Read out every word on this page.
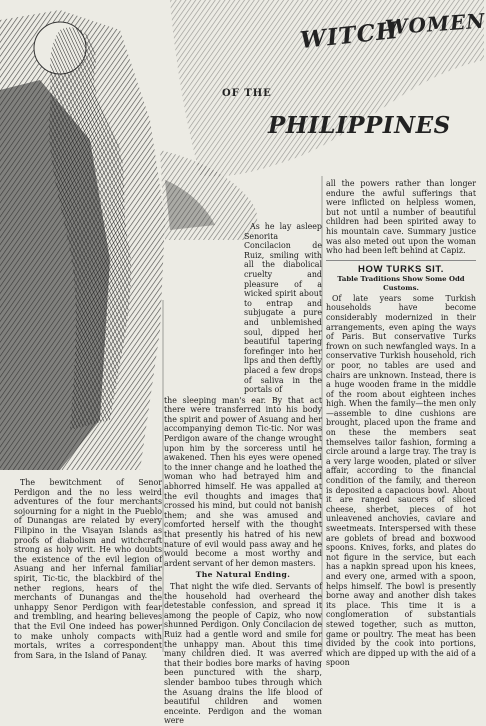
WITCH
WOMEN
OF THE
PHILIPPINES

The bewitchment of Senor Perdigon and the no less weird adventures of the four merchants sojourning for a night in the Pueblo of Dunangas are related by every Filipino in the Visayan Islands as proofs of diabolism and witchcraft strong as holy writ. He who doubts the existence of the evil legion of Asuang and her infernal familiar spirit, Tic-tic, the blackbird of the nether regions, hears of the merchants of Dunangas and the unhappy Senor Perdigon with fear and trembling, and hearing believes that the Evil One indeed has power to make unholy compacts with mortals, writes a correspondent from Sara, in the Island of Panay.

As he lay asleep Senorita Concilacion de Ruiz, smiling with all the diabolical cruelty and pleasure of a wicked spirit about to entrap and subjugate a pure and unblemished soul, dipped her beautiful tapering forefinger into her lips and then deftly placed a few drops of saliva in the portals of

the sleeping man's ear. By that act there were transferred into his body the spirit and power of Asuang and her accompanying demon Tic-tic. Nor was Perdigon aware of the change wrought upon him by the sorceress until he awakened. Then his eyes were opened to the inner change and he loathed the woman who had betrayed him and abhorred himself. He was appalled at the evil thoughts and images that crossed his mind, but could not banish them; and she was amused and comforted herself with the thought that presently his hatred of his new nature of evil would pass away and he would become a most worthy and ardent servant of her demon masters.

The Natural Ending.

That night the wife died. Servants of the household had overheard the detestable confession, and spread it among the people of Capiz, who now shunned Perdigon. Only Concilacion de Ruiz had a gentle word and smile for the unhappy man. About this time many children died. It was averred that their bodies bore marks of having been punctured with the sharp, slender bamboo tubes through which the Asuang drains the life blood of beautiful children and women enceinte. Perdigon and the woman were

all the powers rather than longer endure the awful sufferings that were inflicted on helpless women, but not until a number of beautiful children had been spirited away to his mountain cave. Summary justice was also meted out upon the woman who had been left behind at Capiz.

HOW TURKS SIT.
Table Traditions Show Some Odd Customs.

Of late years some Turkish households have become considerably modernized in their arrangements, even aping the ways of Paris. But conservative Turks frown on such newfangled ways. In a conservative Turkish household, rich or poor, no tables are used and chairs are unknown. Instead, there is a huge wooden frame in the middle of the room about eighteen inches high. When the family—the men only—assemble to dine cushions are brought, placed upon the frame and on these the members seat themselves tailor fashion, forming a circle around a large tray. The tray is a very large wooden, plated or silver affair, according to the financial condition of the family, and thereon is deposited a capacious bowl. About it are ranged saucers of sliced cheese, sherbet, pieces of hot unleavened anchovies, caviare and sweetmeats. Interspersed with these are goblets of bread and boxwood spoons. Knives, forks, and plates do not figure in the service, but each has a napkin spread upon his knees, and every one, armed with a spoon, helps himself. The bowl is presently borne away and another dish takes its place. This time it is a conglomeration of substantials stewed together, such as mutton, game or poultry. The meat has been divided by the cook into portions, which are dipped up with the aid of a spoon
